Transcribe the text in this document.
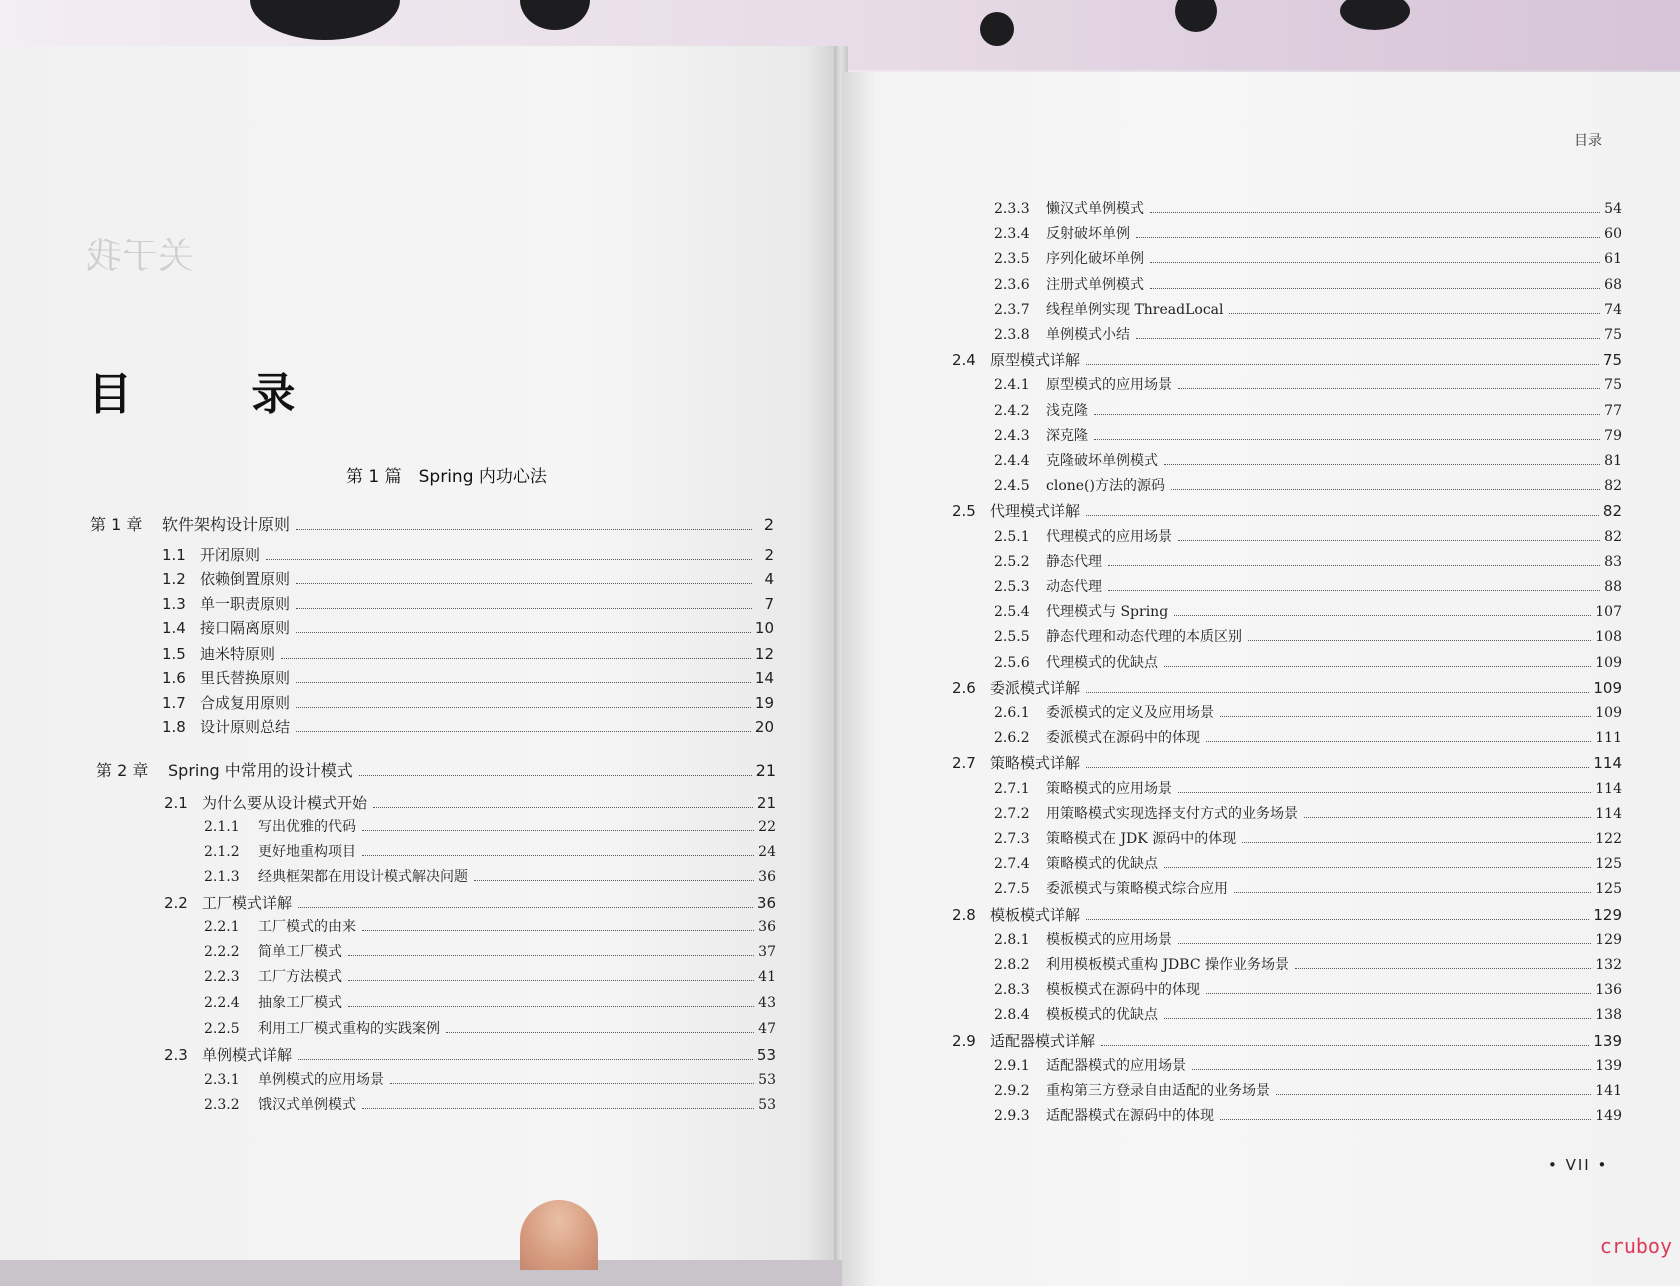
关于我
目 录
第 1 篇　Spring 内功心法
第 1 章	软件架构设计原则	2
1.1 开闭原则	2
1.2 依赖倒置原则	4
1.3 单一职责原则	7
1.4 接口隔离原则	10
1.5 迪米特原则	12
1.6 里氏替换原则	14
1.7 合成复用原则	19
1.8 设计原则总结	20
第 2 章	Spring 中常用的设计模式	21
2.1 为什么要从设计模式开始	21
2.1.1	写出优雅的代码	22
2.1.2	更好地重构项目	24
2.1.3	经典框架都在用设计模式解决问题	36
2.2 工厂模式详解	36
2.2.1	工厂模式的由来	36
2.2.2	简单工厂模式	37
2.2.3	工厂方法模式	41
2.2.4	抽象工厂模式	43
2.2.5	利用工厂模式重构的实践案例	47
2.3 单例模式详解	53
2.3.1	单例模式的应用场景	53
2.3.2	饿汉式单例模式	53
目录
2.3.3	懒汉式单例模式	54
2.3.4	反射破坏单例	60
2.3.5	序列化破坏单例	61
2.3.6	注册式单例模式	68
2.3.7	线程单例实现 ThreadLocal	74
2.3.8	单例模式小结	75
2.4 原型模式详解	75
2.4.1	原型模式的应用场景	75
2.4.2	浅克隆	77
2.4.3	深克隆	79
2.4.4	克隆破坏单例模式	81
2.4.5	clone()方法的源码	82
2.5 代理模式详解	82
2.5.1	代理模式的应用场景	82
2.5.2	静态代理	83
2.5.3	动态代理	88
2.5.4	代理模式与 Spring	107
2.5.5	静态代理和动态代理的本质区别	108
2.5.6	代理模式的优缺点	109
2.6 委派模式详解	109
2.6.1	委派模式的定义及应用场景	109
2.6.2	委派模式在源码中的体现	111
2.7 策略模式详解	114
2.7.1	策略模式的应用场景	114
2.7.2	用策略模式实现选择支付方式的业务场景	114
2.7.3	策略模式在 JDK 源码中的体现	122
2.7.4	策略模式的优缺点	125
2.7.5	委派模式与策略模式综合应用	125
2.8 模板模式详解	129
2.8.1	模板模式的应用场景	129
2.8.2	利用模板模式重构 JDBC 操作业务场景	132
2.8.3	模板模式在源码中的体现	136
2.8.4	模板模式的优缺点	138
2.9 适配器模式详解	139
2.9.1	适配器模式的应用场景	139
2.9.2	重构第三方登录自由适配的业务场景	141
2.9.3	适配器模式在源码中的体现	149
• VII •
cruboy
